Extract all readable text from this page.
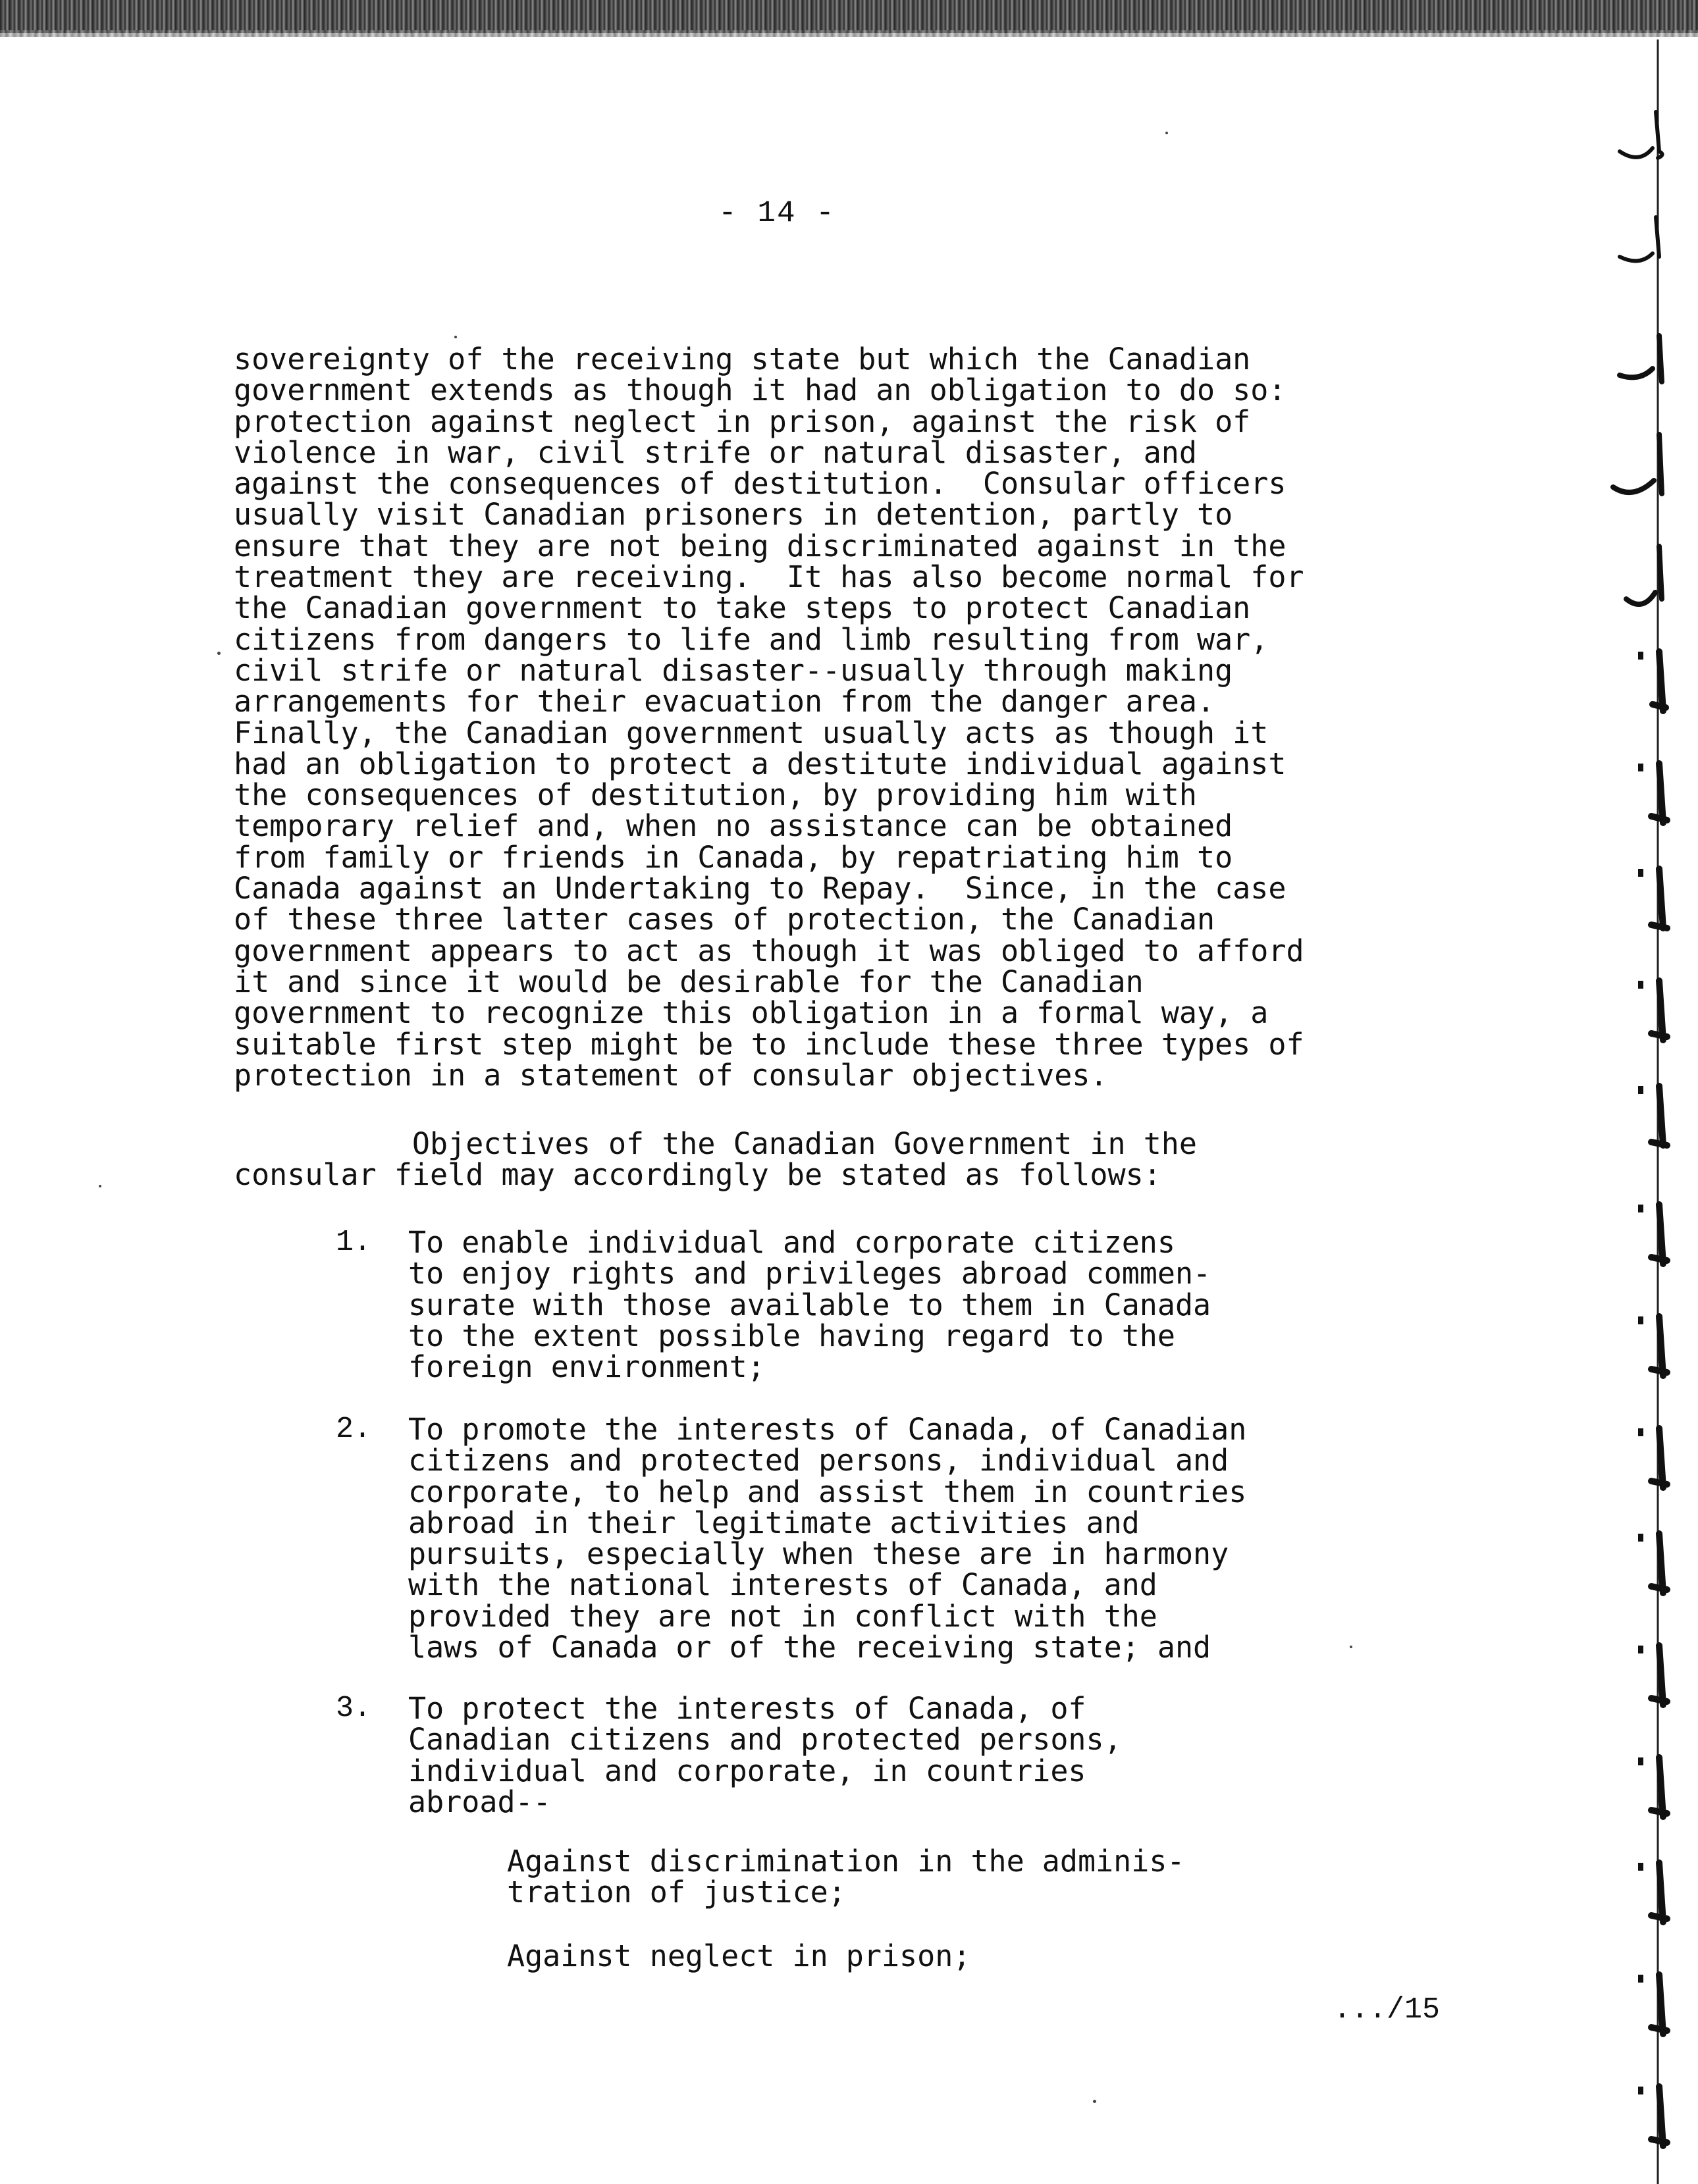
- 14 -
sovereignty of the receiving state but which the Canadian
government extends as though it had an obligation to do so:
protection against neglect in prison, against the risk of
violence in war, civil strife or natural disaster, and
against the consequences of destitution.  Consular officers
usually visit Canadian prisoners in detention, partly to
ensure that they are not being discriminated against in the
treatment they are receiving.  It has also become normal for
the Canadian government to take steps to protect Canadian
citizens from dangers to life and limb resulting from war,
civil strife or natural disaster--usually through making
arrangements for their evacuation from the danger area.
Finally, the Canadian government usually acts as though it
had an obligation to protect a destitute individual against
the consequences of destitution, by providing him with
temporary relief and, when no assistance can be obtained
from family or friends in Canada, by repatriating him to
Canada against an Undertaking to Repay.  Since, in the case
of these three latter cases of protection, the Canadian
government appears to act as though it was obliged to afford
it and since it would be desirable for the Canadian
government to recognize this obligation in a formal way, a
suitable first step might be to include these three types of
protection in a statement of consular objectives.
Objectives of the Canadian Government in the
consular field may accordingly be stated as follows:
1. To enable individual and corporate citizens
to enjoy rights and privileges abroad commen-
surate with those available to them in Canada
to the extent possible having regard to the
foreign environment;
2. To promote the interests of Canada, of Canadian
citizens and protected persons, individual and
corporate, to help and assist them in countries
abroad in their legitimate activities and
pursuits, especially when these are in harmony
with the national interests of Canada, and
provided they are not in conflict with the
laws of Canada or of the receiving state; and
3. To protect the interests of Canada, of
Canadian citizens and protected persons,
individual and corporate, in countries
abroad--
Against discrimination in the adminis-
tration of justice;
Against neglect in prison;
.../15
